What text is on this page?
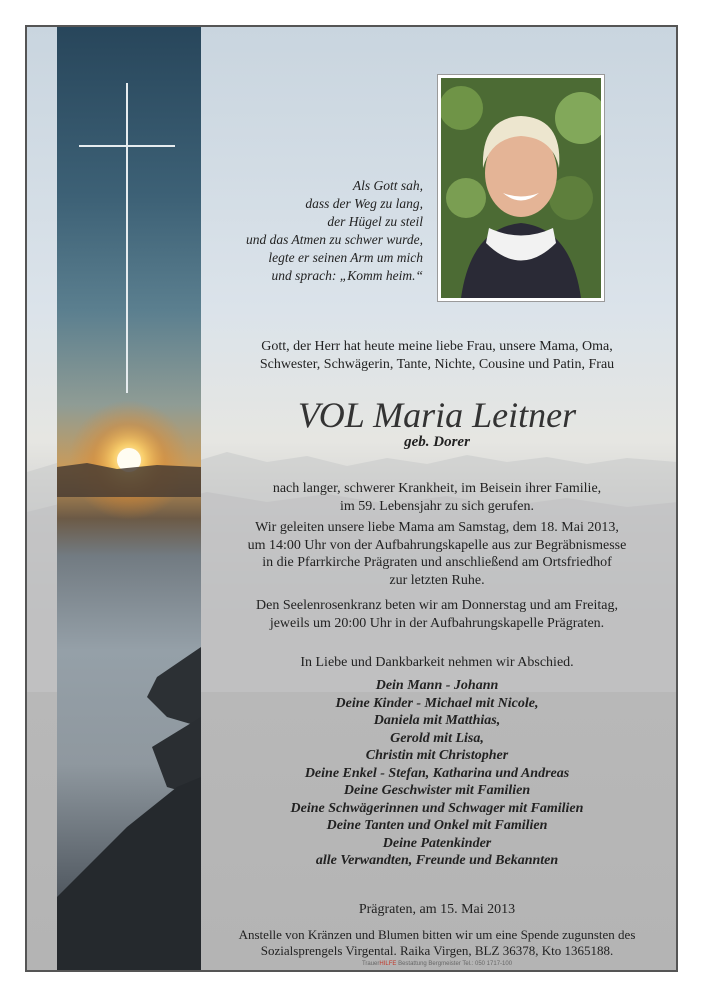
Als Gott sah,
dass der Weg zu lang,
der Hügel zu steil
und das Atmen zu schwer wurde,
legte er seinen Arm um mich
und sprach: „Komm heim.“
Gott, der Herr hat heute meine liebe Frau, unsere Mama, Oma,
Schwester, Schwägerin, Tante, Nichte, Cousine und Patin, Frau
VOL Maria Leitner
geb. Dorer
nach langer, schwerer Krankheit, im Beisein ihrer Familie,
im 59. Lebensjahr zu sich gerufen.
Wir geleiten unsere liebe Mama am Samstag, dem 18. Mai 2013,
um 14:00 Uhr von der Aufbahrungskapelle aus zur Begräbnismesse
in die Pfarrkirche Prägraten und anschließend am Ortsfriedhof
zur letzten Ruhe.
Den Seelenrosenkranz beten wir am Donnerstag und am Freitag,
jeweils um 20:00 Uhr in der Aufbahrungskapelle Prägraten.
In Liebe und Dankbarkeit nehmen wir Abschied.
Dein Mann - Johann
Deine Kinder - Michael mit Nicole,
Daniela mit Matthias,
Gerold mit Lisa,
Christin mit Christopher
Deine Enkel - Stefan, Katharina und Andreas
Deine Geschwister mit Familien
Deine Schwägerinnen und Schwager mit Familien
Deine Tanten und Onkel mit Familien
Deine Patenkinder
alle Verwandten, Freunde und Bekannten
Prägraten, am 15. Mai 2013
Anstelle von Kränzen und Blumen bitten wir um eine Spende zugunsten des
Sozialsprengels Virgental. Raika Virgen, BLZ 36378, Kto 1365188.
TrauerHILFE Bestattung Bergmeister Tel.: 050 1717-100
